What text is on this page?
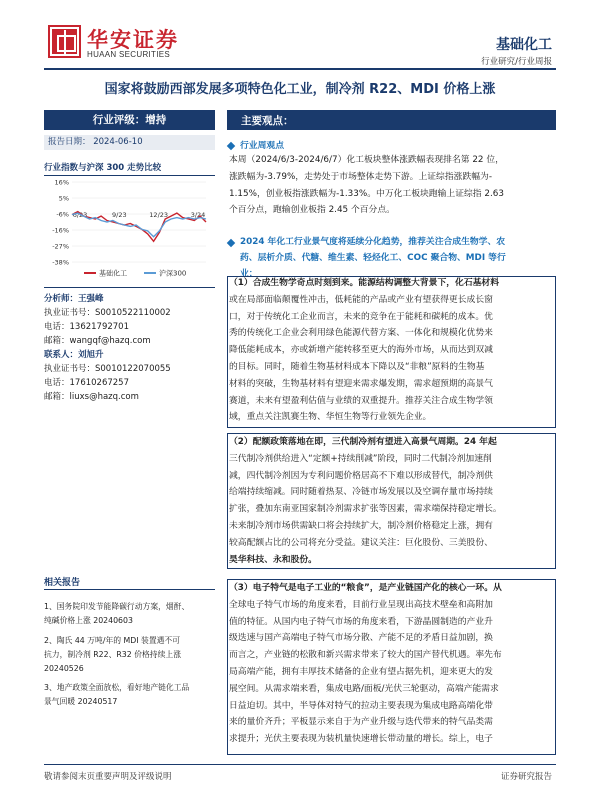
华安证券
HUAAN SECURITIES
基础化工
行业研究/行业周报
国家将鼓励西部发展多项特色化工业，制冷剂 R22、MDI 价格上涨
行业评级：增持
报告日期： 2024-06-10
行业指数与沪深 300 走势比较
16%
5%
-6%
-16%
-27%
-38%
6/23	9/23	12/23	3/24
基础化工	沪深300
分析师：王强峰
执业证书号：S0010522110002
电话：13621792701
邮箱：wangqf@hazq.com
联系人：刘旭升
执业证书号：S0010122070055
电话：17610267257
邮箱：liuxs@hazq.com
相关报告
1、国务院印发节能降碳行动方案，烟酐、
纯碱价格上涨 20240603
2、陶氏 44 万吨/年的 MDI 装置遇不可
抗力，制冷剂 R22、R32 价格持续上涨
20240526
3、地产政策全面放松，看好地产链化工品
景气回暖 20240517
主要观点：
行业周观点
本周（2024/6/3-2024/6/7）化工板块整体涨跌幅表现排名第 22 位，
涨跌幅为-3.79%，走势处于市场整体走势下游。上证综指涨跌幅为-
1.15%，创业板指涨跌幅为-1.33%。中万化工板块跑输上证综指 2.63
个百分点，跑输创业板指 2.45 个百分点。
2024 年化工行业景气度将延续分化趋势，推荐关注合成生物学、农
药、层析介质、代糖、维生素、轻烃化工、COC 聚合物、MDI 等行
业：
（1）合成生物学奇点时刻到来。能源结构调整大背景下，化石基材料
或在局部面临颠覆性冲击，低耗能的产品或产业有望获得更长成长窗
口，对于传统化工企业而言，未来的竞争在于能耗和碳耗的成本。优
秀的传统化工企业会利用绿色能源代替方案、一体化和规模化优势来
降低能耗成本，亦或新增产能转移至更大的海外市场，从而达到双减
的目标。同时，随着生物基材料成本下降以及“非粮”原料的生物基
材料的突破，生物基材料有望迎来需求爆发期，需求超预期的高景气
赛道，未来有望盈利估值与业绩的双重提升。推荐关注合成生物学领
域，重点关注凯赛生物、华恒生物等行业领先企业。
（2）配额政策落地在即，三代制冷剂有望进入高景气周期。24 年起
三代制冷剂供给进入“定额+持续削减”阶段，同时二代制冷剂加速削
减，四代制冷剂因为专利问题价格居高不下难以形成替代，制冷剂供
给端持续缩减。同时随着热泵、冷链市场发展以及空调存量市场持续
扩张，叠加东南亚国家制冷剂需求扩张等因素，需求端保持稳定增长。
未来制冷剂市场供需缺口将会持续扩大，制冷剂价格稳定上涨，拥有
较高配额占比的公司将充分受益。建议关注：巨化股份、三美股份、
昊华科技、永和股份。
（3）电子特气是电子工业的“粮食”，是产业链国产化的核心一环。从
全球电子特气市场的角度来看，目前行业呈现出高技术壁垒和高附加
值的特征。从国内电子特气市场的角度来看，下游晶圆制造的产业升
级迭速与国产高端电子特气市场分散、产能不足的矛盾日益加剧，换
而言之，产业链的松散和新兴需求带来了较大的国产替代机遇。率先布
局高端产能，拥有丰厚技术储备的企业有望占据先机，迎来更大的发
展空间。从需求端来看，集成电路/面板/光伏三轮驱动，高端产能需求
日益迫切。其中，半导体对特气的拉动主要表现为集成电路高端化带
来的量价齐升；平板显示来自于为产业升级与迭代带来的特气品类需
求提升；光伏主要表现为装机量快速增长带动量的增长。综上，电子
敬请参阅末页重要声明及评级说明	证券研究报告
